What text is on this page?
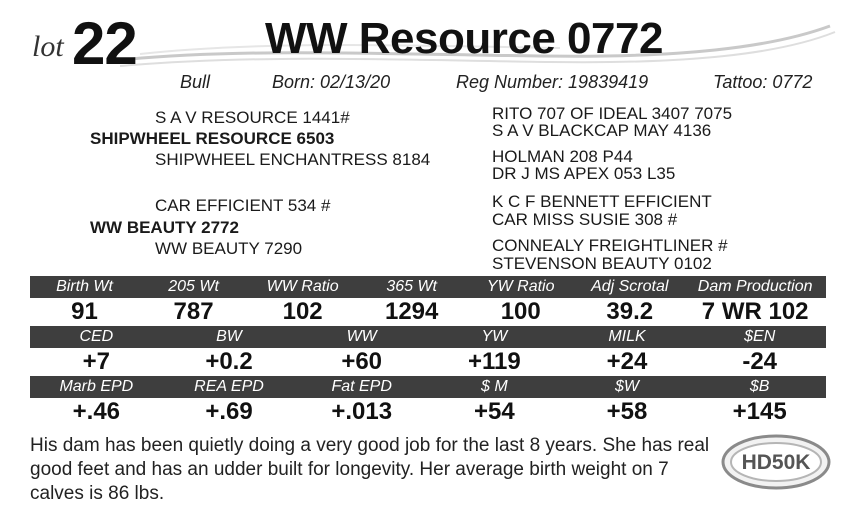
lot 22	WW Resource 0772
Bull	Born: 02/13/20	Reg Number: 19839419	Tattoo: 0772
S A V RESOURCE 1441#
SHIPWHEEL RESOURCE 6503
SHIPWHEEL ENCHANTRESS 8184
CAR EFFICIENT 534 #
WW BEAUTY 2772
WW BEAUTY 7290
RITO 707 OF IDEAL 3407 7075
S A V BLACKCAP MAY 4136
HOLMAN 208 P44
DR J MS APEX 053 L35
K C F BENNETT EFFICIENT
CAR MISS SUSIE 308 #
CONNEALY FREIGHTLINER #
STEVENSON BEAUTY 0102
Birth Wt	205 Wt	WW Ratio	365 Wt	YW Ratio	Adj Scrotal	Dam Production
91	787	102	1294	100	39.2	7 WR 102
CED	BW	WW	YW	MILK	$EN
+7	+0.2	+60	+119	+24	-24
Marb EPD	REA EPD	Fat EPD	$ M	$W	$B
+.46	+.69	+.013	+54	+58	+145
His dam has been quietly doing a very good job for the last 8 years. She has real good feet and has an udder built for longevity. Her average birth weight on 7 calves is 86 lbs.
HD50K
